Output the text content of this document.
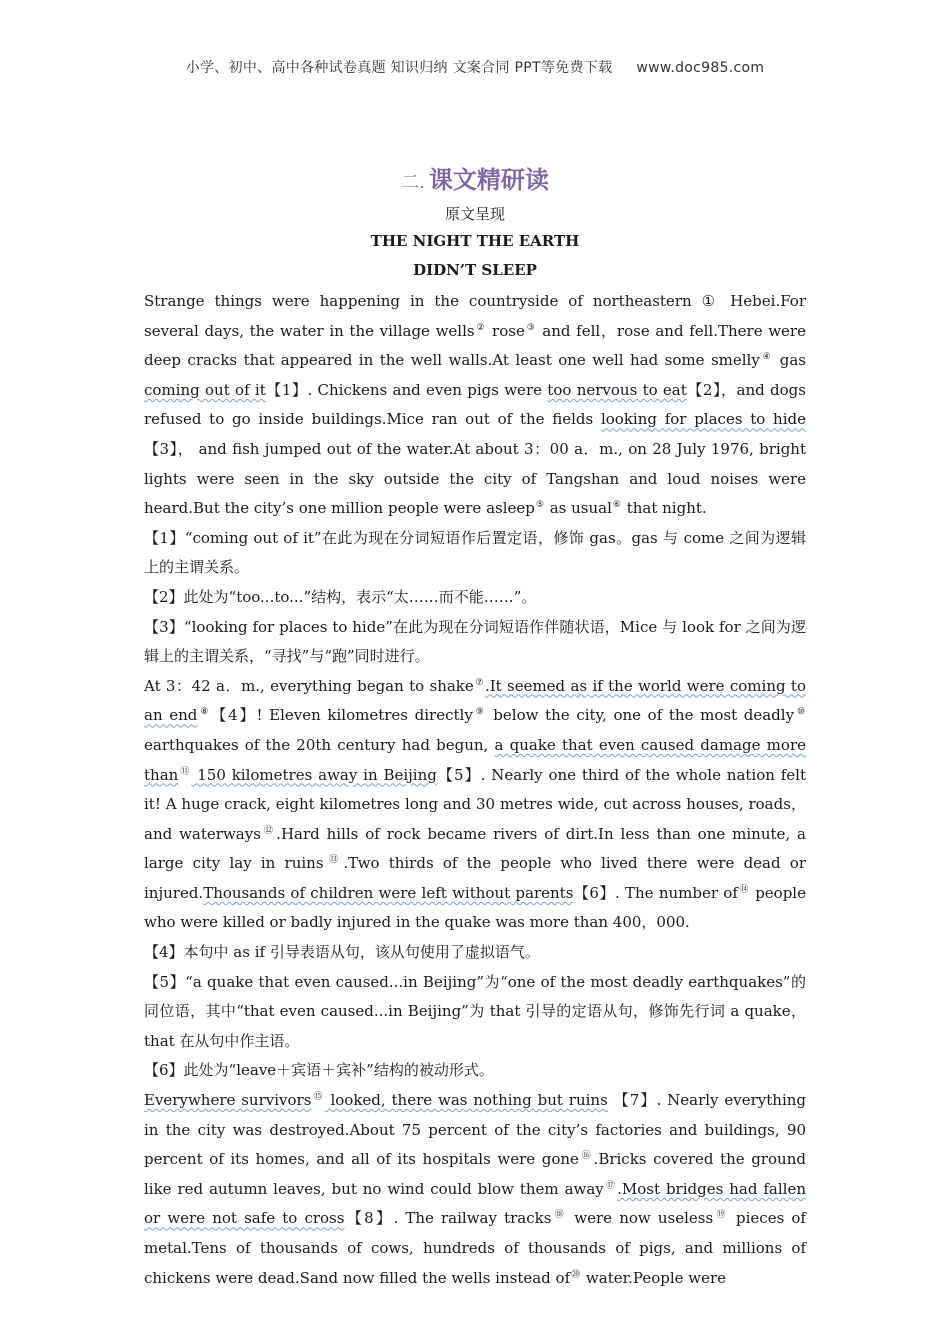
小学、初中、高中各种试卷真题 知识归纳 文案合同 PPT等免费下载 www.doc985.com
二. 课文精研读
原文呈现
THE NIGHT THE EARTH
DIDN’T SLEEP

Strange things were happening in the countryside of northeastern ① Hebei.For several days, the water in the village wells② rose③ and fell，rose and fell.There were deep cracks that appeared in the well walls.At least one well had some smelly④ gas coming out of it【1】. Chickens and even pigs were too nervous to eat【2】，and dogs refused to go inside buildings.Mice ran out of the fields looking for places to hide【3】， and fish jumped out of the water.At about 3：00 a．m., on 28 July 1976, bright lights were seen in the sky outside the city of Tangshan and loud noises were heard.But the city’s one million people were asleep⑤ as usual⑥ that night.

【1】“coming out of it”在此为现在分词短语作后置定语，修饰 gas。gas 与 come 之间为逻辑上的主谓关系。

【2】此处为“too...to...”结构，表示“太……而不能……”。

【3】“looking for places to hide”在此为现在分词短语作伴随状语，Mice 与 look for 之间为逻辑上的主谓关系，“寻找”与“跑”同时进行。

At 3：42 a．m., everything began to shake⑦.It seemed as if the world were coming to an end⑧【4】! Eleven kilometres directly⑨ below the city, one of the most deadly⑩ earthquakes of the 20th century had begun, a quake that even caused damage more than⑪ 150 kilometres away in Beijing【5】. Nearly one third of the whole nation felt it! A huge crack, eight kilometres long and 30 metres wide, cut across houses, roads，and waterways⑫.Hard hills of rock became rivers of dirt.In less than one minute, a large city lay in ruins⑬.Two thirds of the people who lived there were dead or injured.Thousands of children were left without parents【6】. The number of⑭ people who were killed or badly injured in the quake was more than 400，000.

【4】本句中 as if 引导表语从句，该从句使用了虚拟语气。

【5】“a quake that even caused...in Beijing”为“one of the most deadly earthquakes”的同位语，其中“that even caused...in Beijing”为 that 引导的定语从句，修饰先行词 a quake，that 在从句中作主语。

【6】此处为“leave＋宾语＋宾补”结构的被动形式。

Everywhere survivors⑮ looked, there was nothing but ruins 【7】. Nearly everything in the city was destroyed.About 75 percent of the city’s factories and buildings, 90 percent of its homes, and all of its hospitals were gone⑯.Bricks covered the ground like red autumn leaves, but no wind could blow them away⑰.Most bridges had fallen or were not safe to cross【8】. The railway tracks⑱ were now useless⑲ pieces of metal.Tens of thousands of cows, hundreds of thousands of pigs, and millions of chickens were dead.Sand now filled the wells instead of⑳ water.People were
